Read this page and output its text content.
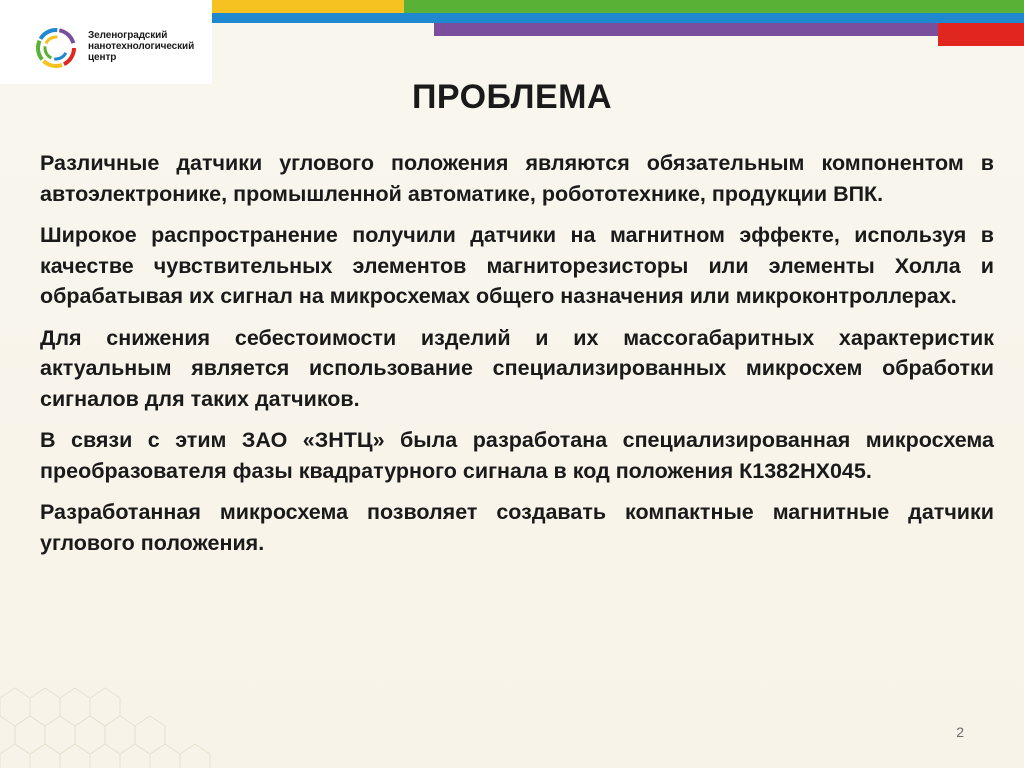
Зеленоградский
нанотехнологический
центр
ПРОБЛЕМА

Различные датчики углового положения являются обязательным компонентом в автоэлектронике, промышленной автоматике, робототехнике, продукции ВПК.

Широкое распространение получили датчики на магнитном эффекте, используя в качестве чувствительных элементов магниторезисторы или элементы Холла и обрабатывая их сигнал на микросхемах общего назначения или микроконтроллерах.

Для снижения себестоимости изделий и их массогабаритных характеристик актуальным является использование специализированных микросхем обработки сигналов для таких датчиков.

В связи с этим ЗАО «ЗНТЦ» была разработана специализированная микросхема преобразователя фазы квадратурного сигнала в код положения К1382НХ045.

Разработанная микросхема позволяет создавать компактные магнитные датчики углового положения.

2
